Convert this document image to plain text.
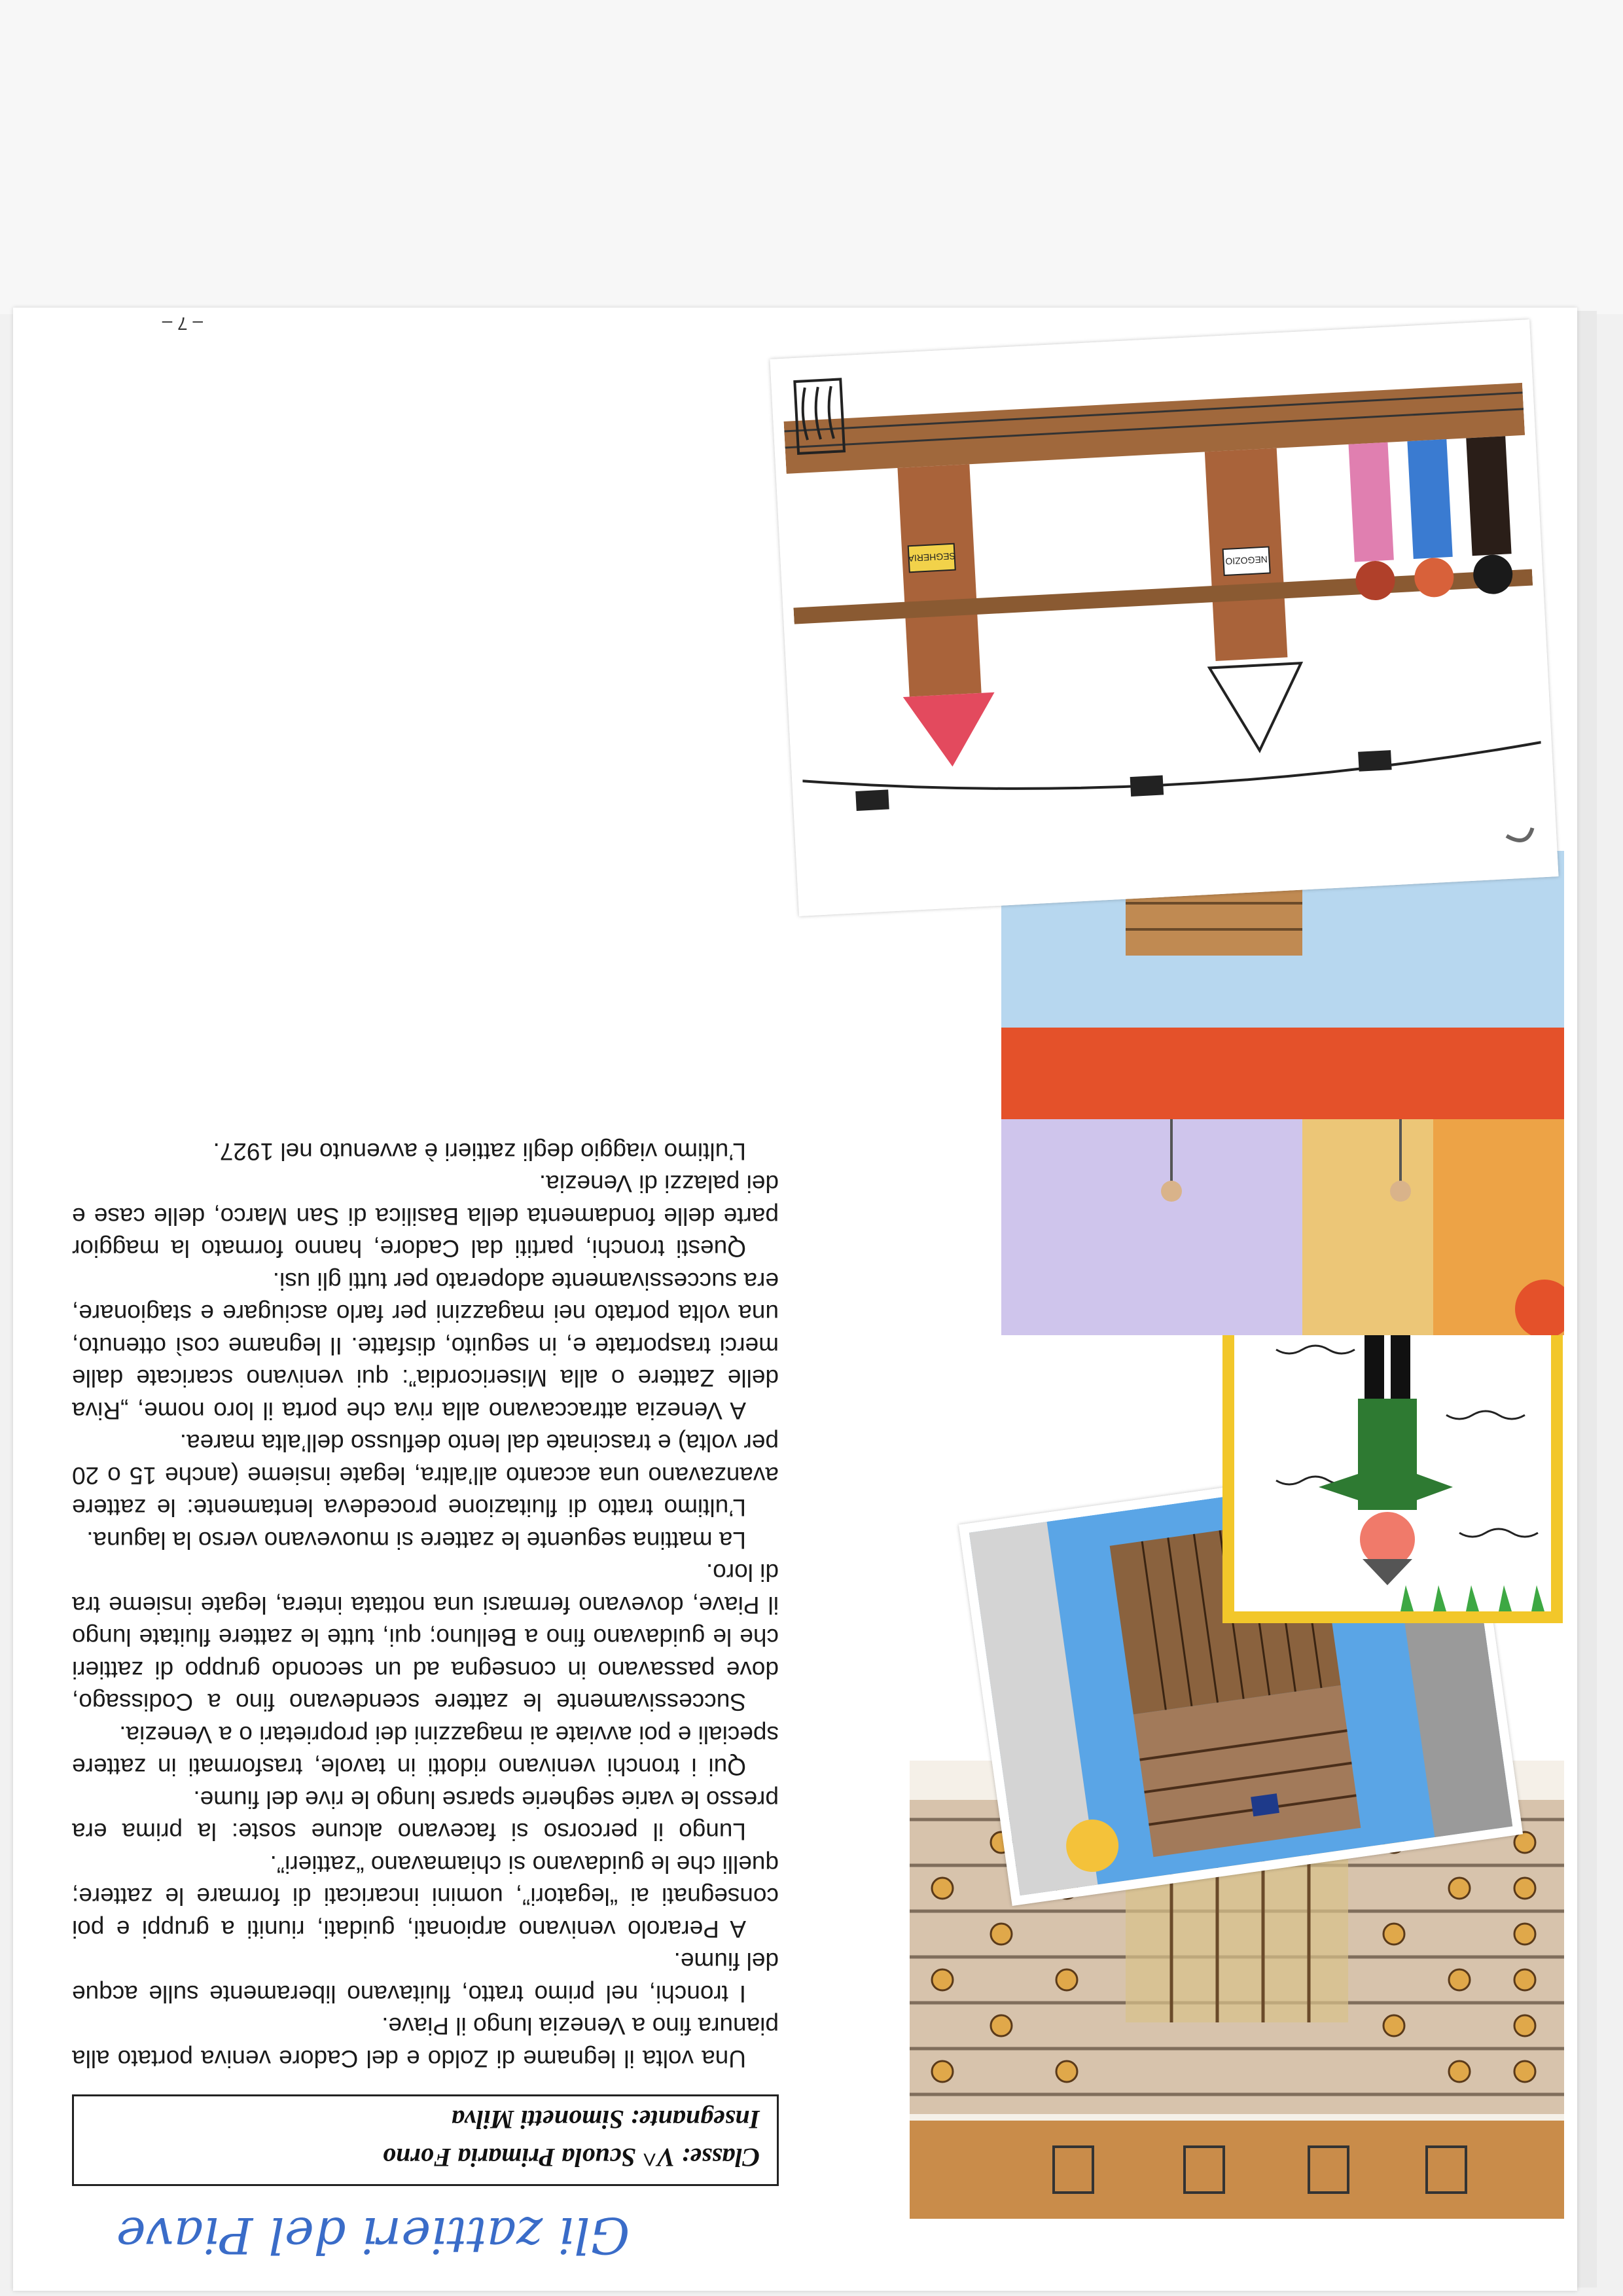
Gli zattieri del Piave
Classe: V^ Scuola Primaria Forno
Insegnante: Simonetti Milva

Una volta il legname di Zoldo e del Cadore veniva portato alla pianura fino a Venezia lungo il Piave.

I tronchi, nel primo tratto, fluitavano liberamente sulle acque del fiume.

A Perarolo venivano arpionati, guidati, riuniti a gruppi e poi consegnati ai “legatori”, uomini incaricati di formare le zattere; quelli che le guidavano si chiamavano “zattieri”.

Lungo il percorso si facevano alcune soste: la prima era presso le varie segherie sparse lungo le rive del fiume.

Qui i tronchi venivano ridotti in tavole, trasformati in zattere speciali e poi avviate ai magazzini dei proprietari o a Venezia.

Successivamente le zattere scendevano fino a Codissago, dove passavano in consegna ad un secondo gruppo di zattieri che le guidavano fino a Belluno; qui, tutte le zattere fluitate lungo il Piave, dovevano fermarsi una nottata intera, legate insieme tra di loro.

La mattina seguente le zattere si muovevano verso la laguna.

L’ultimo tratto di fluitazione procedeva lentamente: le zattere avanzavano una accanto all’altra, legate insieme (anche 15 o 20 per volta) e trascinate dal lento deflusso dell’alta marea.

A Venezia attraccavano alla riva che porta il loro nome, „Riva delle Zattere o alla Misericordia”: qui venivano scaricate dalle merci trasportate e, in seguito, disfatte. Il legname così ottenuto, una volta portato nei magazzini per farlo asciugare e stagionare, era successivamente adoperato per tutti gli usi.

Questi tronchi, partiti dal Cadore, hanno formato la maggior parte delle fondamenta della Basilica di San Marco, delle case e dei palazzi di Venezia.

L’ultimo viaggio degli zattieri è avvenuto nel 1927.

SEGHERIA	NEGOZIO
– 7 –
